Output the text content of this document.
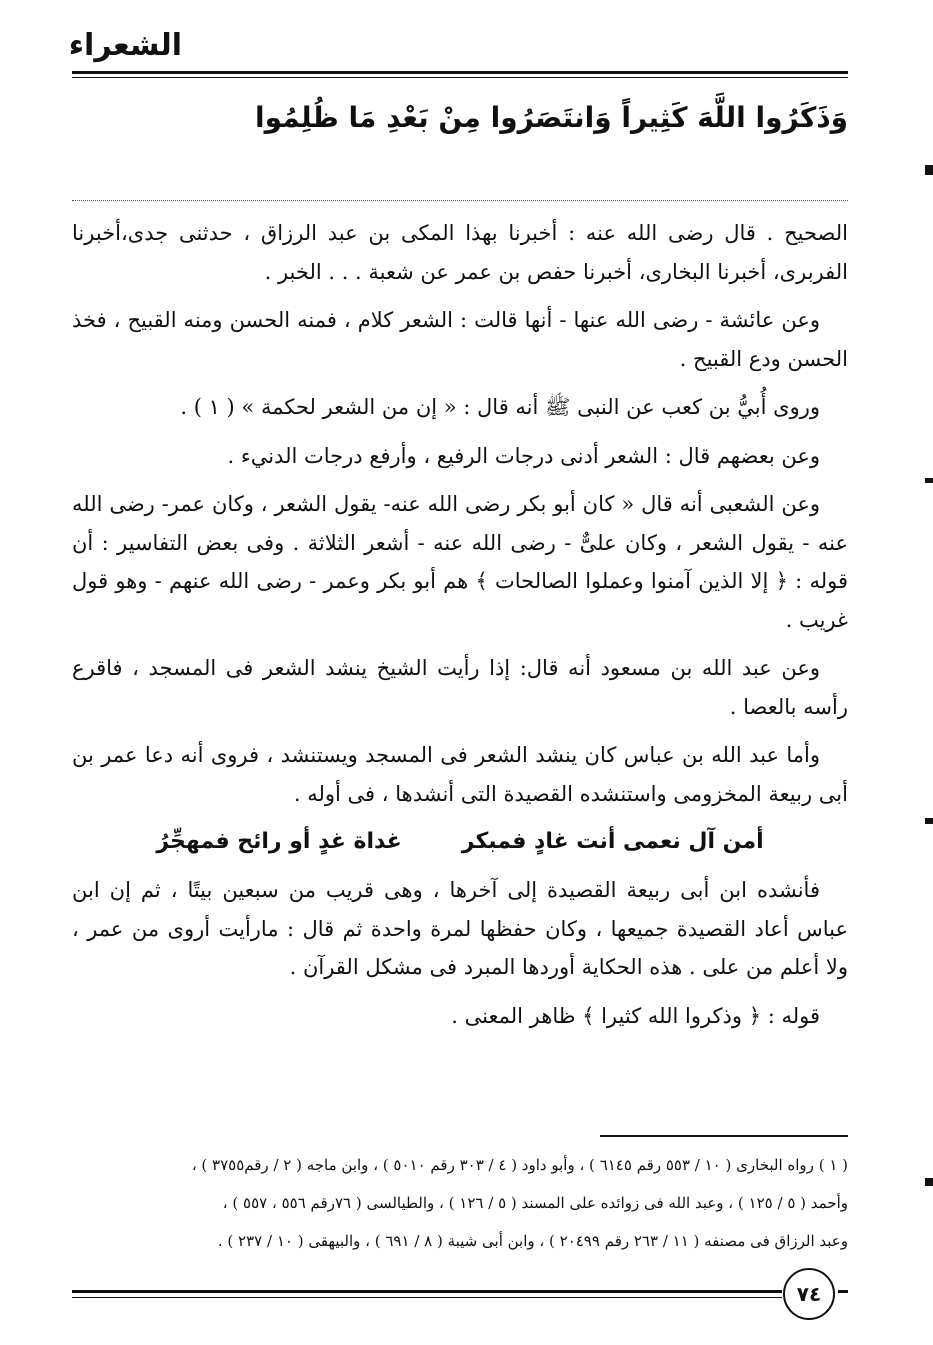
الشعراء
وَذَكَرُوا اللَّهَ كَثِيراً وَانتَصَرُوا مِنْ بَعْدِ مَا ظُلِمُوا

الصحيح . قال رضى الله عنه : أخبرنا بهذا المكى بن عبد الرزاق ، حدثنى جدى،أخبرنا الفربرى، أخبرنا البخارى، أخبرنا حفص بن عمر عن شعبة . . . الخبر .

وعن عائشة - رضى الله عنها - أنها قالت : الشعر كلام ، فمنه الحسن ومنه القبيح ، فخذ الحسن ودع القبيح .

وروى أُبيُّ بن كعب عن النبى ﷺ أنه قال : « إن من الشعر لحكمة » ( ١ ) .

وعن بعضهم قال : الشعر أدنى درجات الرفيع ، وأرفع درجات الدنيء .

وعن الشعبى أنه قال « كان أبو بكر رضى الله عنه- يقول الشعر ، وكان عمر- رضى الله عنه - يقول الشعر ، وكان علىٌّ - رضى الله عنه - أشعر الثلاثة . وفى بعض التفاسير : أن قوله : ﴿ إلا الذين آمنوا وعملوا الصالحات ﴾ هم أبو بكر وعمر - رضى الله عنهم - وهو قول غريب .

وعن عبد الله بن مسعود أنه قال: إذا رأيت الشيخ ينشد الشعر فى المسجد ، فاقرع رأسه بالعصا .

وأما عبد الله بن عباس كان ينشد الشعر فى المسجد ويستنشد ، فروى أنه دعا عمر بن أبى ربيعة المخزومى واستنشده القصيدة التى أنشدها ، فى أوله .

أمن آل نعمى أنت غادٍ فمبكر
غداة غدٍ أو رائح فمهجِّرُ

فأنشده ابن أبى ربيعة القصيدة إلى آخرها ، وهى قريب من سبعين بيتًا ، ثم إن ابن عباس أعاد القصيدة جميعها ، وكان حفظها لمرة واحدة ثم قال : مارأيت أروى من عمر ، ولا أعلم من على . هذه الحكاية أوردها المبرد فى مشكل القرآن .

قوله : ﴿ وذكروا الله كثيرا ﴾ ظاهر المعنى .

( ١ ) رواه البخارى ( ١٠ / ٥٥٣ رقم ٦١٤٥ ) ، وأبو داود ( ٤ / ٣٠٣ رقم ٥٠١٠ ) ، وابن ماجه ( ٢ / رقم٣٧٥٥ ) ،

وأحمد ( ٥ / ١٢٥ ) ، وعبد الله فى زوائده على المسند ( ٥ / ١٢٦ ) ، والطيالسى ( ٧٦رقم ٥٥٦ ، ٥٥٧ ) ،

وعبد الرزاق فى مصنفه ( ١١ / ٢٦٣ رقم ٢٠٤٩٩ ) ، وابن أبى شيبة ( ٨ / ٦٩١ ) ، والبيهقى ( ١٠ / ٢٣٧ ) .

٧٤
